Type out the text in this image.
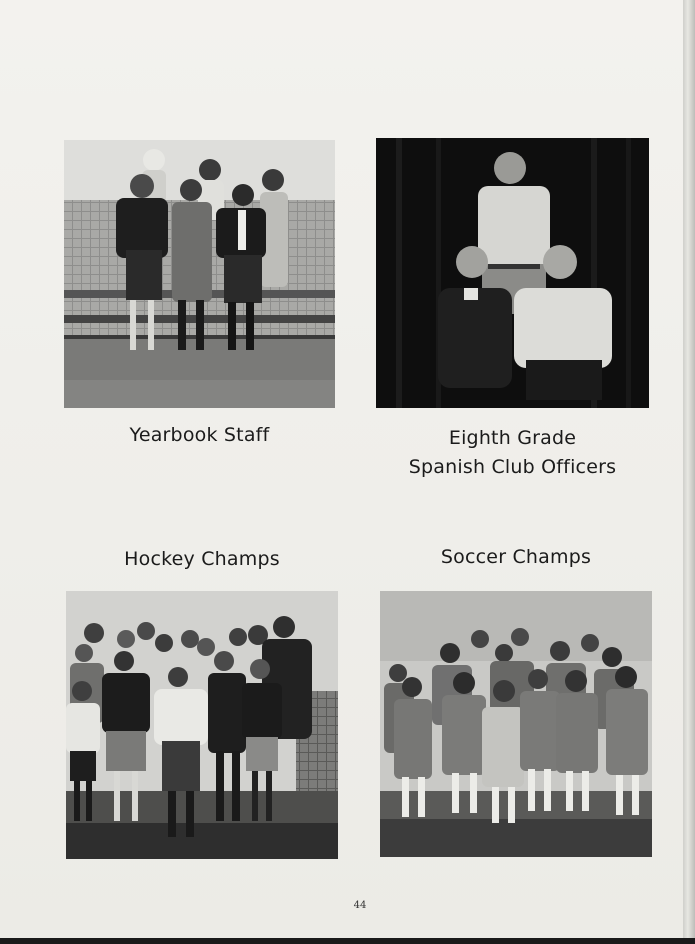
Yearbook Staff	Eighth Grade
Spanish Club Officers
Hockey Champs	Soccer Champs
44
